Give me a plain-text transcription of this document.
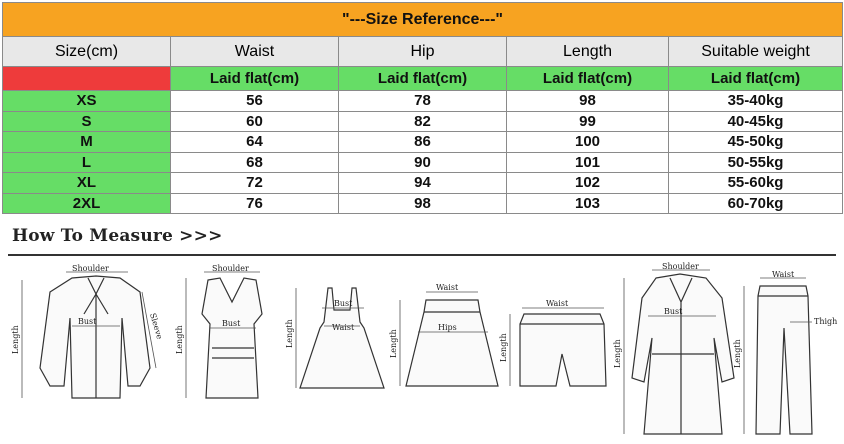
"---Size Reference---"				
Size(cm)	Waist	Hip	Length	Suitable weight
	Laid flat(cm)	Laid flat(cm)	Laid flat(cm)	Laid flat(cm)
XS	56	78	98	35-40kg
S	60	82	99	40-45kg
M	64	86	100	45-50kg
L	68	90	101	50-55kg
XL	72	94	102	55-60kg
2XL	76	98	103	60-70kg
How To Measure >>>
Shoulder
Bust
Length	Sleeve
Shoulder
Bust
Length
Bust
Waist
Length
Waist
Hips
Length
Waist
Length
Shoulder
Bust
Length
Waist
Thigh
Length
